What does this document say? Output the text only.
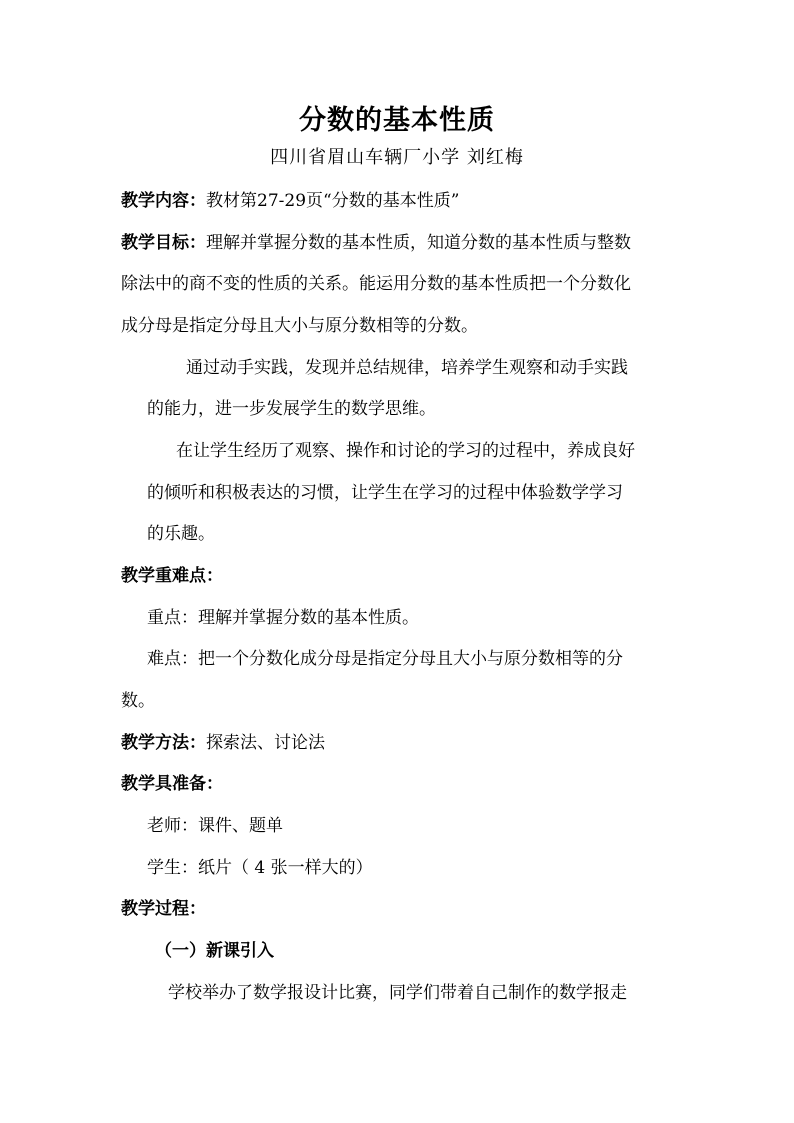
分数的基本性质
四川省眉山车辆厂小学 刘红梅
教学内容：教材第27-29页“分数的基本性质”
教学目标：理解并掌握分数的基本性质，知道分数的基本性质与整数
除法中的商不变的性质的关系。能运用分数的基本性质把一个分数化
成分母是指定分母且大小与原分数相等的分数。
通过动手实践，发现并总结规律，培养学生观察和动手实践
的能力，进一步发展学生的数学思维。
在让学生经历了观察、操作和讨论的学习的过程中，养成良好
的倾听和积极表达的习惯，让学生在学习的过程中体验数学学习
的乐趣。
教学重难点：
重点：理解并掌握分数的基本性质。
难点：把一个分数化成分母是指定分母且大小与原分数相等的分
数。
教学方法：探索法、讨论法
教学具准备：
老师：课件、题单
学生：纸片（ 4 张一样大的）
教学过程：
（一）新课引入
学校举办了数学报设计比赛，同学们带着自己制作的数学报走
